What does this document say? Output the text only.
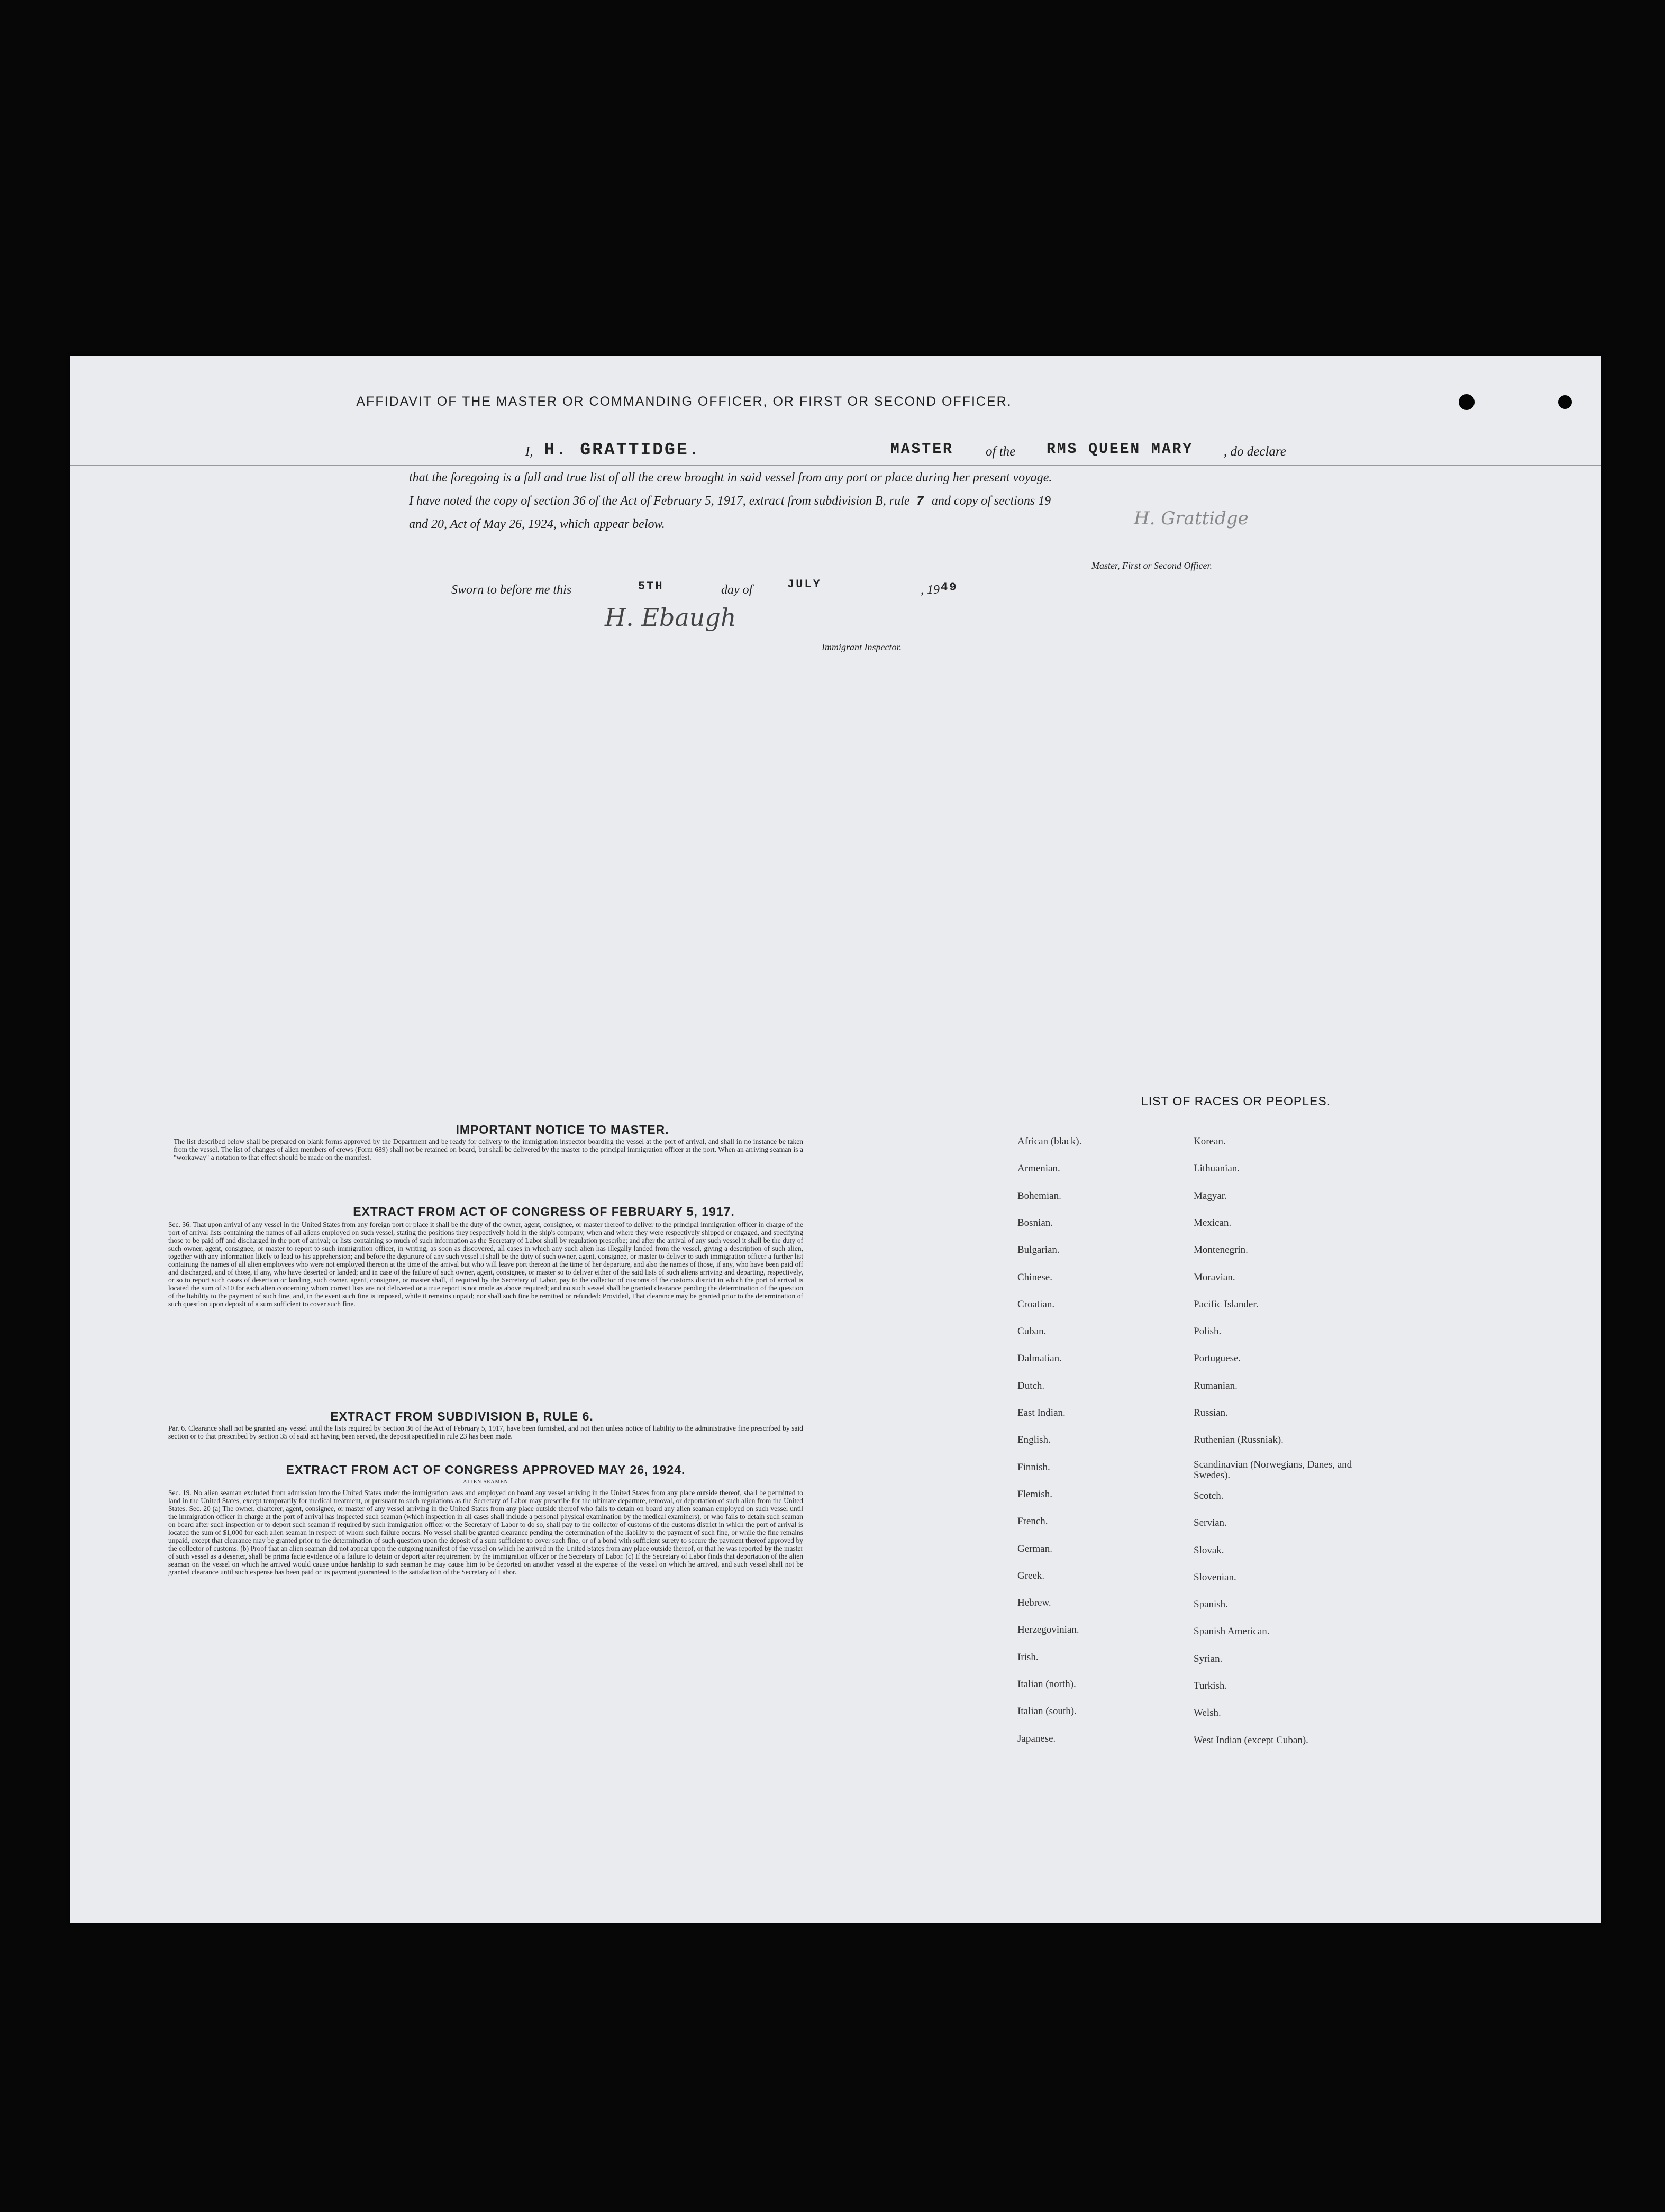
AFFIDAVIT OF THE MASTER OR COMMANDING OFFICER, OR FIRST OR SECOND OFFICER.
I, H. GRATTIDGE.	MASTER of the RMS QUEEN MARY , do declare
that the foregoing is a full and true list of all the crew brought in said vessel from any port or place during her present voyage.
I have noted the copy of section 36 of the Act of February 5, 1917, extract from subdivision B, rule 7 and copy of sections 19
and 20, Act of May 26, 1924, which appear below.	H. Grattidge
Master, First or Second Officer.
Sworn to before me this	5TH	day of	JULY	, 19 49
H. Ebaugh
Immigrant Inspector.
IMPORTANT NOTICE TO MASTER.
The list described below shall be prepared on blank forms approved by the Department and be ready for delivery to the immigration inspector boarding the vessel at the port of arrival, and shall in no instance be taken from the vessel. The list of changes of alien members of crews (Form 689) shall not be retained on board, but shall be delivered by the master to the principal immigration officer at the port. When an arriving seaman is a "workaway" a notation to that effect should be made on the manifest.
EXTRACT FROM ACT OF CONGRESS OF FEBRUARY 5, 1917.
Sec. 36. That upon arrival of any vessel in the United States from any foreign port or place it shall be the duty of the owner, agent, consignee, or master thereof to deliver to the principal immigration officer in charge of the port of arrival lists containing the names of all aliens employed on such vessel, stating the positions they respectively hold in the ship's company, when and where they were respectively shipped or engaged, and specifying those to be paid off and discharged in the port of arrival; or lists containing so much of such information as the Secretary of Labor shall by regulation prescribe; and after the arrival of any such vessel it shall be the duty of such owner, agent, consignee, or master to report to such immigration officer, in writing, as soon as discovered, all cases in which any such alien has illegally landed from the vessel, giving a description of such alien, together with any information likely to lead to his apprehension; and before the departure of any such vessel it shall be the duty of such owner, agent, consignee, or master to deliver to such immigration officer a further list containing the names of all alien employees who were not employed thereon at the time of the arrival but who will leave port thereon at the time of her departure, and also the names of those, if any, who have been paid off and discharged, and of those, if any, who have deserted or landed; and in case of the failure of such owner, agent, consignee, or master so to deliver either of the said lists of such aliens arriving and departing, respectively, or so to report such cases of desertion or landing, such owner, agent, consignee, or master shall, if required by the Secretary of Labor, pay to the collector of customs of the customs district in which the port of arrival is located the sum of $10 for each alien concerning whom correct lists are not delivered or a true report is not made as above required; and no such vessel shall be granted clearance pending the determination of the question of the liability to the payment of such fine, and, in the event such fine is imposed, while it remains unpaid; nor shall such fine be remitted or refunded: Provided, That clearance may be granted prior to the determination of such question upon deposit of a sum sufficient to cover such fine.
EXTRACT FROM SUBDIVISION B, RULE 6.
Par. 6. Clearance shall not be granted any vessel until the lists required by Section 36 of the Act of February 5, 1917, have been furnished, and not then unless notice of liability to the administrative fine prescribed by said section or to that prescribed by section 35 of said act having been served, the deposit specified in rule 23 has been made.
EXTRACT FROM ACT OF CONGRESS APPROVED MAY 26, 1924.
ALIEN SEAMEN
Sec. 19. No alien seaman excluded from admission into the United States under the immigration laws and employed on board any vessel arriving in the United States from any place outside thereof, shall be permitted to land in the United States, except temporarily for medical treatment, or pursuant to such regulations as the Secretary of Labor may prescribe for the ultimate departure, removal, or deportation of such alien from the United States. Sec. 20 (a) The owner, charterer, agent, consignee, or master of any vessel arriving in the United States from any place outside thereof who fails to detain on board any alien seaman employed on such vessel until the immigration officer in charge at the port of arrival has inspected such seaman (which inspection in all cases shall include a personal physical examination by the medical examiners), or who fails to detain such seaman on board after such inspection or to deport such seaman if required by such immigration officer or the Secretary of Labor to do so, shall pay to the collector of customs of the customs district in which the port of arrival is located the sum of $1,000 for each alien seaman in respect of whom such failure occurs. No vessel shall be granted clearance pending the determination of the liability to the payment of such fine, or while the fine remains unpaid, except that clearance may be granted prior to the determination of such question upon the deposit of a sum sufficient to cover such fine, or of a bond with sufficient surety to secure the payment thereof approved by the collector of customs. (b) Proof that an alien seaman did not appear upon the outgoing manifest of the vessel on which he arrived in the United States from any place outside thereof, or that he was reported by the master of such vessel as a deserter, shall be prima facie evidence of a failure to detain or deport after requirement by the immigration officer or the Secretary of Labor. (c) If the Secretary of Labor finds that deportation of the alien seaman on the vessel on which he arrived would cause undue hardship to such seaman he may cause him to be deported on another vessel at the expense of the vessel on which he arrived, and such vessel shall not be granted clearance until such expense has been paid or its payment guaranteed to the satisfaction of the Secretary of Labor.
LIST OF RACES OR PEOPLES.
African (black).
Armenian.
Bohemian.
Bosnian.
Bulgarian.
Chinese.
Croatian.
Cuban.
Dalmatian.
Dutch.
East Indian.
English.
Finnish.
Flemish.
French.
German.
Greek.
Hebrew.
Herzegovinian.
Irish.
Italian (north).
Italian (south).
Japanese.
Korean.
Lithuanian.
Magyar.
Mexican.
Montenegrin.
Moravian.
Pacific Islander.
Polish.
Portuguese.
Rumanian.
Russian.
Ruthenian (Russniak).
Scandinavian (Norwegians, Danes, and Swedes).
Scotch.
Servian.
Slovak.
Slovenian.
Spanish.
Spanish American.
Syrian.
Turkish.
Welsh.
West Indian (except Cuban).
